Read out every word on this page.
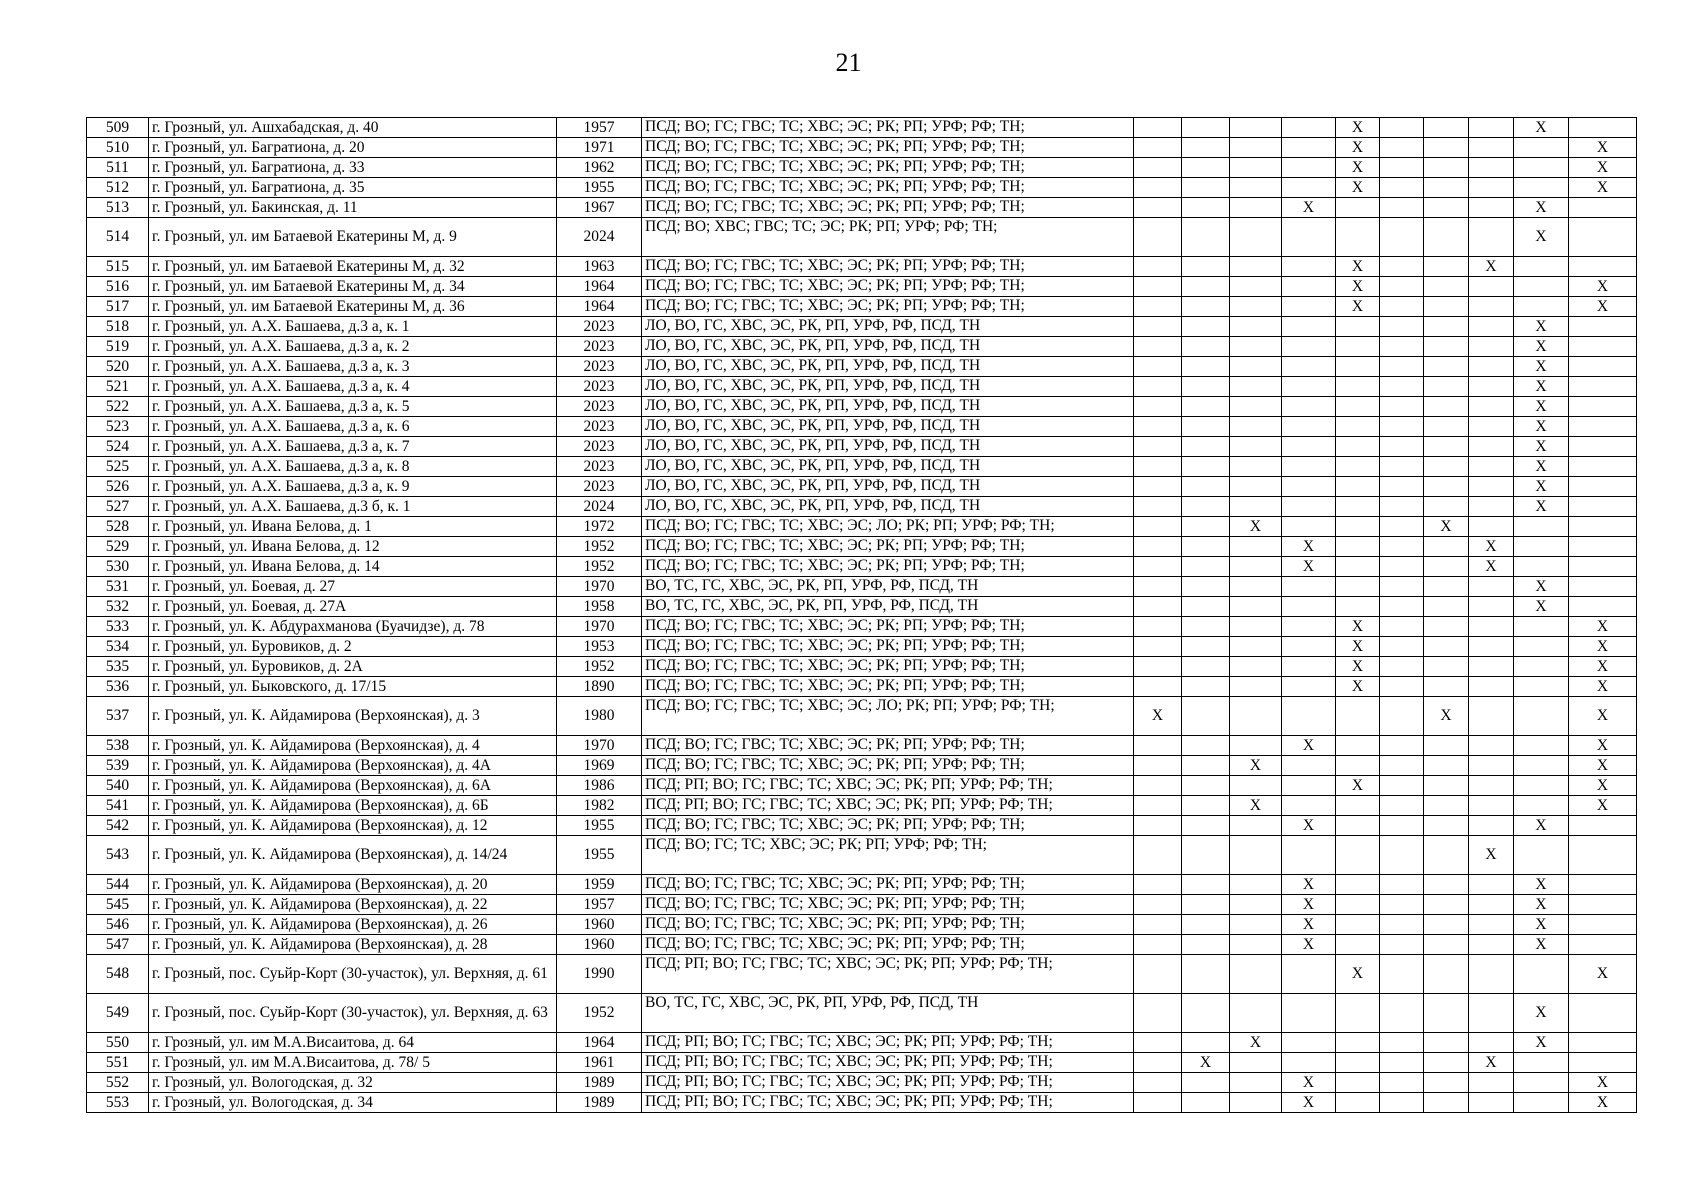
21
509	г. Грозный, ул. Ашхабадская, д. 40	1957	ПСД; ВО; ГС; ГВС; ТС; ХВС; ЭС; РК; РП; УРФ; РФ; ТН;					X				X	
510	г. Грозный, ул. Багратиона, д. 20	1971	ПСД; ВО; ГС; ГВС; ТС; ХВС; ЭС; РК; РП; УРФ; РФ; ТН;					X					X
511	г. Грозный, ул. Багратиона, д. 33	1962	ПСД; ВО; ГС; ГВС; ТС; ХВС; ЭС; РК; РП; УРФ; РФ; ТН;					X					X
512	г. Грозный, ул. Багратиона, д. 35	1955	ПСД; ВО; ГС; ГВС; ТС; ХВС; ЭС; РК; РП; УРФ; РФ; ТН;					X					X
513	г. Грозный, ул. Бакинская, д. 11	1967	ПСД; ВО; ГС; ГВС; ТС; ХВС; ЭС; РК; РП; УРФ; РФ; ТН;				X					X	
514	г. Грозный, ул. им Батаевой Екатерины М, д. 9	2024	ПСД; ВО; ХВС; ГВС; ТС; ЭС; РК; РП; УРФ; РФ; ТН;									X	
515	г. Грозный, ул. им Батаевой Екатерины М, д. 32	1963	ПСД; ВО; ГС; ГВС; ТС; ХВС; ЭС; РК; РП; УРФ; РФ; ТН;					X			X		
516	г. Грозный, ул. им Батаевой Екатерины М, д. 34	1964	ПСД; ВО; ГС; ГВС; ТС; ХВС; ЭС; РК; РП; УРФ; РФ; ТН;					X					X
517	г. Грозный, ул. им Батаевой Екатерины М, д. 36	1964	ПСД; ВО; ГС; ГВС; ТС; ХВС; ЭС; РК; РП; УРФ; РФ; ТН;					X					X
518	г. Грозный, ул. А.Х. Башаева, д.3 а, к. 1	2023	ЛО, ВО, ГС, ХВС, ЭС, РК, РП, УРФ, РФ, ПСД, ТН									X	
519	г. Грозный, ул. А.Х. Башаева, д.3 а, к. 2	2023	ЛО, ВО, ГС, ХВС, ЭС, РК, РП, УРФ, РФ, ПСД, ТН									X	
520	г. Грозный, ул. А.Х. Башаева, д.3 а, к. 3	2023	ЛО, ВО, ГС, ХВС, ЭС, РК, РП, УРФ, РФ, ПСД, ТН									X	
521	г. Грозный, ул. А.Х. Башаева, д.3 а, к. 4	2023	ЛО, ВО, ГС, ХВС, ЭС, РК, РП, УРФ, РФ, ПСД, ТН									X	
522	г. Грозный, ул. А.Х. Башаева, д.3 а, к. 5	2023	ЛО, ВО, ГС, ХВС, ЭС, РК, РП, УРФ, РФ, ПСД, ТН									X	
523	г. Грозный, ул. А.Х. Башаева, д.3 а, к. 6	2023	ЛО, ВО, ГС, ХВС, ЭС, РК, РП, УРФ, РФ, ПСД, ТН									X	
524	г. Грозный, ул. А.Х. Башаева, д.3 а, к. 7	2023	ЛО, ВО, ГС, ХВС, ЭС, РК, РП, УРФ, РФ, ПСД, ТН									X	
525	г. Грозный, ул. А.Х. Башаева, д.3 а, к. 8	2023	ЛО, ВО, ГС, ХВС, ЭС, РК, РП, УРФ, РФ, ПСД, ТН									X	
526	г. Грозный, ул. А.Х. Башаева, д.3 а, к. 9	2023	ЛО, ВО, ГС, ХВС, ЭС, РК, РП, УРФ, РФ, ПСД, ТН									X	
527	г. Грозный, ул. А.Х. Башаева, д.3 б, к. 1	2024	ЛО, ВО, ГС, ХВС, ЭС, РК, РП, УРФ, РФ, ПСД, ТН									X	
528	г. Грозный, ул. Ивана Белова, д. 1	1972	ПСД; ВО; ГС; ГВС; ТС; ХВС; ЭС; ЛО; РК; РП; УРФ; РФ; ТН;			X				X			
529	г. Грозный, ул. Ивана Белова, д. 12	1952	ПСД; ВО; ГС; ГВС; ТС; ХВС; ЭС; РК; РП; УРФ; РФ; ТН;				X				X		
530	г. Грозный, ул. Ивана Белова, д. 14	1952	ПСД; ВО; ГС; ГВС; ТС; ХВС; ЭС; РК; РП; УРФ; РФ; ТН;				X				X		
531	г. Грозный, ул. Боевая, д. 27	1970	ВО, ТС, ГС, ХВС, ЭС, РК, РП, УРФ, РФ, ПСД, ТН									X	
532	г. Грозный, ул. Боевая, д. 27А	1958	ВО, ТС, ГС, ХВС, ЭС, РК, РП, УРФ, РФ, ПСД, ТН									X	
533	г. Грозный, ул. К. Абдурахманова (Буачидзе), д. 78	1970	ПСД; ВО; ГС; ГВС; ТС; ХВС; ЭС; РК; РП; УРФ; РФ; ТН;					X					X
534	г. Грозный, ул. Буровиков, д. 2	1953	ПСД; ВО; ГС; ГВС; ТС; ХВС; ЭС; РК; РП; УРФ; РФ; ТН;					X					X
535	г. Грозный, ул. Буровиков, д. 2А	1952	ПСД; ВО; ГС; ГВС; ТС; ХВС; ЭС; РК; РП; УРФ; РФ; ТН;					X					X
536	г. Грозный, ул. Быковского, д. 17/15	1890	ПСД; ВО; ГС; ГВС; ТС; ХВС; ЭС; РК; РП; УРФ; РФ; ТН;					X					X
537	г. Грозный, ул. К. Айдамирова (Верхоянская), д. 3	1980	ПСД; ВО; ГС; ГВС; ТС; ХВС; ЭС; ЛО; РК; РП; УРФ; РФ; ТН;	X						X			X
538	г. Грозный, ул. К. Айдамирова (Верхоянская), д. 4	1970	ПСД; ВО; ГС; ГВС; ТС; ХВС; ЭС; РК; РП; УРФ; РФ; ТН;				X						X
539	г. Грозный, ул. К. Айдамирова (Верхоянская), д. 4А	1969	ПСД; ВО; ГС; ГВС; ТС; ХВС; ЭС; РК; РП; УРФ; РФ; ТН;			X							X
540	г. Грозный, ул. К. Айдамирова (Верхоянская), д. 6А	1986	ПСД; РП; ВО; ГС; ГВС; ТС; ХВС; ЭС; РК; РП; УРФ; РФ; ТН;					X					X
541	г. Грозный, ул. К. Айдамирова (Верхоянская), д. 6Б	1982	ПСД; РП; ВО; ГС; ГВС; ТС; ХВС; ЭС; РК; РП; УРФ; РФ; ТН;			X							X
542	г. Грозный, ул. К. Айдамирова (Верхоянская), д. 12	1955	ПСД; ВО; ГС; ГВС; ТС; ХВС; ЭС; РК; РП; УРФ; РФ; ТН;				X					X	
543	г. Грозный, ул. К. Айдамирова (Верхоянская), д. 14/24	1955	ПСД; ВО; ГС; ТС; ХВС; ЭС; РК; РП; УРФ; РФ; ТН;								X		
544	г. Грозный, ул. К. Айдамирова (Верхоянская), д. 20	1959	ПСД; ВО; ГС; ГВС; ТС; ХВС; ЭС; РК; РП; УРФ; РФ; ТН;				X					X	
545	г. Грозный, ул. К. Айдамирова (Верхоянская), д. 22	1957	ПСД; ВО; ГС; ГВС; ТС; ХВС; ЭС; РК; РП; УРФ; РФ; ТН;				X					X	
546	г. Грозный, ул. К. Айдамирова (Верхоянская), д. 26	1960	ПСД; ВО; ГС; ГВС; ТС; ХВС; ЭС; РК; РП; УРФ; РФ; ТН;				X					X	
547	г. Грозный, ул. К. Айдамирова (Верхоянская), д. 28	1960	ПСД; ВО; ГС; ГВС; ТС; ХВС; ЭС; РК; РП; УРФ; РФ; ТН;				X					X	
548	г. Грозный, пос. Суьйр-Корт (30-участок), ул. Верхняя, д. 61	1990	ПСД; РП; ВО; ГС; ГВС; ТС; ХВС; ЭС; РК; РП; УРФ; РФ; ТН;					X					X
549	г. Грозный, пос. Суьйр-Корт (30-участок), ул. Верхняя, д. 63	1952	ВО, ТС, ГС, ХВС, ЭС, РК, РП, УРФ, РФ, ПСД, ТН									X	
550	г. Грозный, ул. им М.А.Висаитова, д. 64	1964	ПСД; РП; ВО; ГС; ГВС; ТС; ХВС; ЭС; РК; РП; УРФ; РФ; ТН;			X						X	
551	г. Грозный, ул. им М.А.Висаитова, д. 78/ 5	1961	ПСД; РП; ВО; ГС; ГВС; ТС; ХВС; ЭС; РК; РП; УРФ; РФ; ТН;		X						X		
552	г. Грозный, ул. Вологодская, д. 32	1989	ПСД; РП; ВО; ГС; ГВС; ТС; ХВС; ЭС; РК; РП; УРФ; РФ; ТН;				X						X
553	г. Грозный, ул. Вологодская, д. 34	1989	ПСД; РП; ВО; ГС; ГВС; ТС; ХВС; ЭС; РК; РП; УРФ; РФ; ТН;				X						X
